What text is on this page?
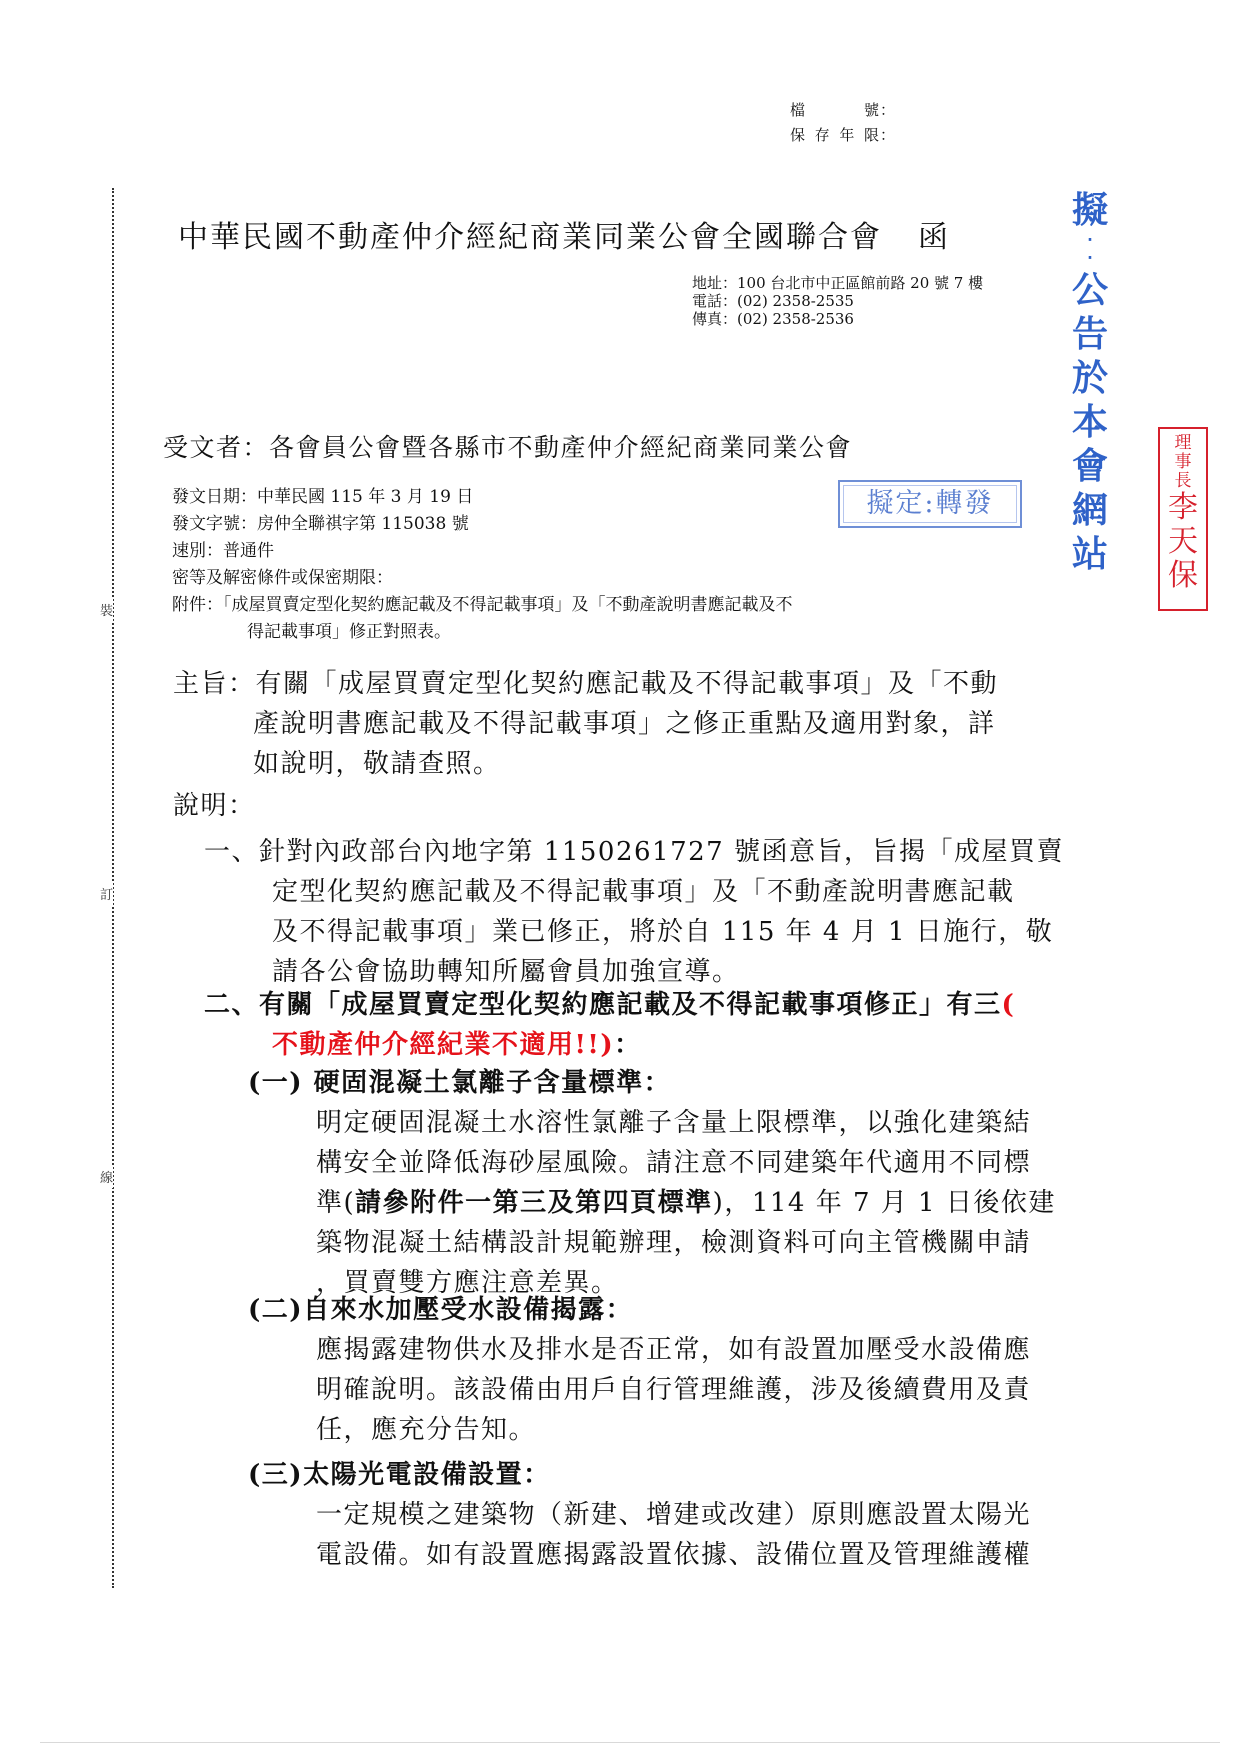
檔　號：
保存年限：
裝
訂
線
中華民國不動產仲介經紀商業同業公會全國聯合會 函
地址：100 台北市中正區館前路 20 號 7 樓
電話：(02) 2358-2535
傳真：(02) 2358-2536
擬
‧
‧
公
告
於
本
會
網
站
理
事
長
李
天
保
受文者：各會員公會暨各縣市不動產仲介經紀商業同業公會
發文日期：中華民國 115 年 3 月 19 日
發文字號：房仲全聯祺字第 115038 號
速別：普通件
密等及解密條件或保密期限：
附件：「成屋買賣定型化契約應記載及不得記載事項」及「不動產說明書應記載及不
得記載事項」修正對照表。
擬定:轉發
主旨：有關「成屋買賣定型化契約應記載及不得記載事項」及「不動
產說明書應記載及不得記載事項」之修正重點及適用對象，詳
如說明，敬請查照。
說明：
一、針對內政部台內地字第 1150261727 號函意旨，旨揭「成屋買賣
定型化契約應記載及不得記載事項」及「不動產說明書應記載
及不得記載事項」業已修正，將於自 115 年 4 月 1 日施行，敬
請各公會協助轉知所屬會員加強宣導。
二、有關「成屋買賣定型化契約應記載及不得記載事項修正」有三(
不動產仲介經紀業不適用!!)：
(一) 硬固混凝土氯離子含量標準：
明定硬固混凝土水溶性氯離子含量上限標準，以強化建築結
構安全並降低海砂屋風險。請注意不同建築年代適用不同標
準(請參附件一第三及第四頁標準)，114 年 7 月 1 日後依建
築物混凝土結構設計規範辦理，檢測資料可向主管機關申請
，買賣雙方應注意差異。
(二)自來水加壓受水設備揭露：
應揭露建物供水及排水是否正常，如有設置加壓受水設備應
明確說明。該設備由用戶自行管理維護，涉及後續費用及責
任，應充分告知。
(三)太陽光電設備設置：
一定規模之建築物（新建、增建或改建）原則應設置太陽光
電設備。如有設置應揭露設置依據、設備位置及管理維護權
